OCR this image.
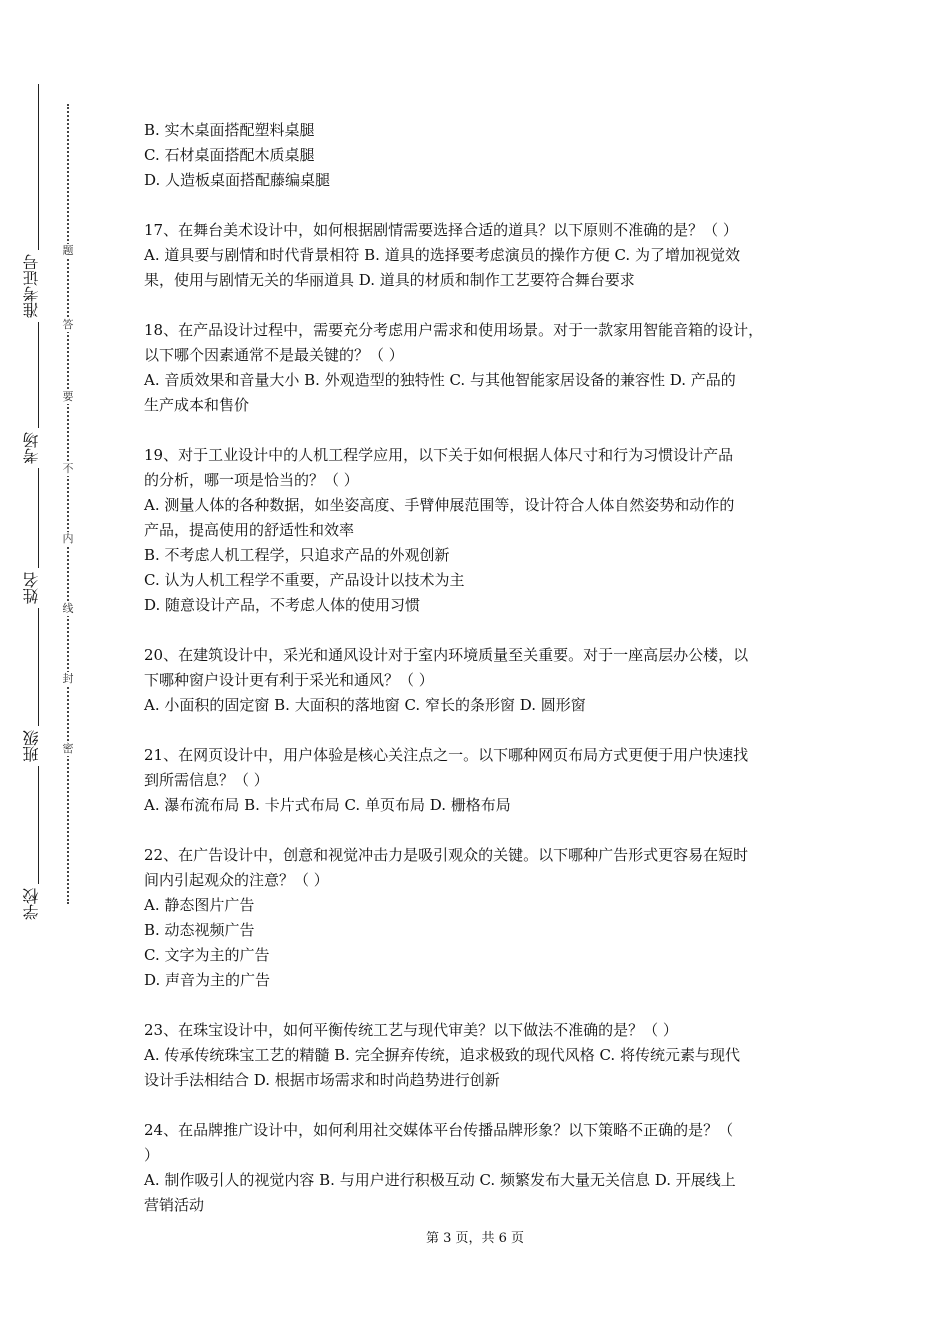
准考证号
考场
姓名
班级
学校
题
答
要
不
内
线
封
密
B. 实木桌面搭配塑料桌腿
C. 石材桌面搭配木质桌腿
D. 人造板桌面搭配藤编桌腿
17、在舞台美术设计中，如何根据剧情需要选择合适的道具？以下原则不准确的是？（ ）
A. 道具要与剧情和时代背景相符 B. 道具的选择要考虑演员的操作方便 C. 为了增加视觉效
果，使用与剧情无关的华丽道具 D. 道具的材质和制作工艺要符合舞台要求
18、在产品设计过程中，需要充分考虑用户需求和使用场景。对于一款家用智能音箱的设计，
以下哪个因素通常不是最关键的？（ ）
A. 音质效果和音量大小 B. 外观造型的独特性 C. 与其他智能家居设备的兼容性 D. 产品的
生产成本和售价
19、对于工业设计中的人机工程学应用，以下关于如何根据人体尺寸和行为习惯设计产品
的分析，哪一项是恰当的？（ ）
A. 测量人体的各种数据，如坐姿高度、手臂伸展范围等，设计符合人体自然姿势和动作的
产品，提高使用的舒适性和效率
B. 不考虑人机工程学，只追求产品的外观创新
C. 认为人机工程学不重要，产品设计以技术为主
D. 随意设计产品，不考虑人体的使用习惯
20、在建筑设计中，采光和通风设计对于室内环境质量至关重要。对于一座高层办公楼，以
下哪种窗户设计更有利于采光和通风？（ ）
A. 小面积的固定窗 B. 大面积的落地窗 C. 窄长的条形窗 D. 圆形窗
21、在网页设计中，用户体验是核心关注点之一。以下哪种网页布局方式更便于用户快速找
到所需信息？（ ）
A. 瀑布流布局 B. 卡片式布局 C. 单页布局 D. 栅格布局
22、在广告设计中，创意和视觉冲击力是吸引观众的关键。以下哪种广告形式更容易在短时
间内引起观众的注意？（ ）
A. 静态图片广告
B. 动态视频广告
C. 文字为主的广告
D. 声音为主的广告
23、在珠宝设计中，如何平衡传统工艺与现代审美？以下做法不准确的是？（ ）
A. 传承传统珠宝工艺的精髓 B. 完全摒弃传统，追求极致的现代风格 C. 将传统元素与现代
设计手法相结合 D. 根据市场需求和时尚趋势进行创新
24、在品牌推广设计中，如何利用社交媒体平台传播品牌形象？以下策略不正确的是？（
）
A. 制作吸引人的视觉内容 B. 与用户进行积极互动 C. 频繁发布大量无关信息 D. 开展线上
营销活动
第 3 页，共 6 页
